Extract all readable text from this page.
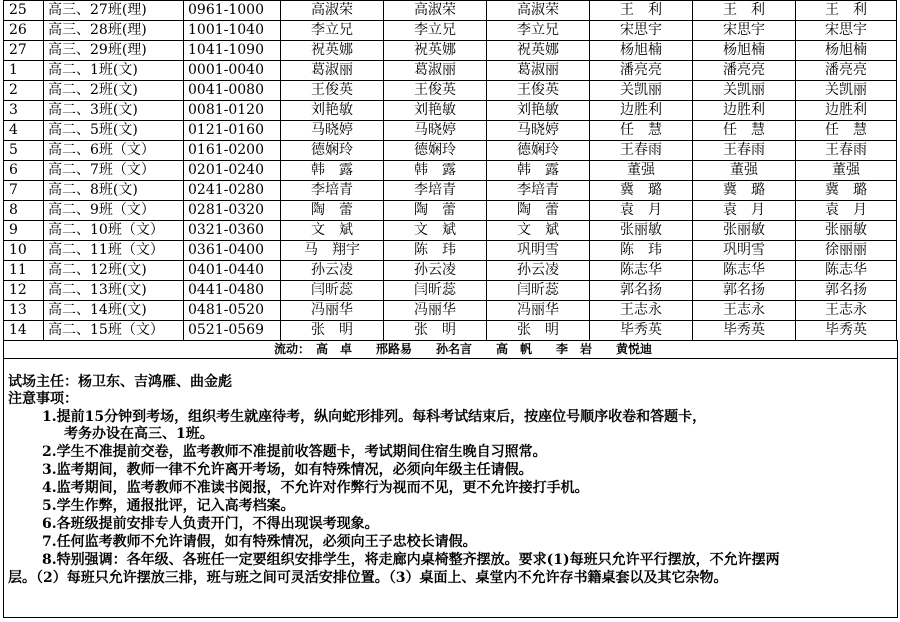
25	高三、27班(理)	0961-1000	高淑荣	高淑荣	高淑荣	王　利	王　利	王　利
26	高三、28班(理)	1001-1040	李立兄	李立兄	李立兄	宋思宇	宋思宇	宋思宇
27	高三、29班(理)	1041-1090	祝英娜	祝英娜	祝英娜	杨旭楠	杨旭楠	杨旭楠
1	高二、1班(文)	0001-0040	葛淑丽	葛淑丽	葛淑丽	潘亮亮	潘亮亮	潘亮亮
2	高二、2班(文)	0041-0080	王俊英	王俊英	王俊英	关凯丽	关凯丽	关凯丽
3	高二、3班(文)	0081-0120	刘艳敏	刘艳敏	刘艳敏	边胜利	边胜利	边胜利
4	高二、5班(文)	0121-0160	马晓婷	马晓婷	马晓婷	任　慧	任　慧	任　慧
5	高二、6班（文）	0161-0200	德娴玲	德娴玲	德娴玲	王春雨	王春雨	王春雨
6	高二、7班（文）	0201-0240	韩　露	韩　露	韩　露	董强	董强	董强
7	高二、8班(文)	0241-0280	李培青	李培青	李培青	冀　璐	冀　璐	冀　璐
8	高二、9班（文）	0281-0320	陶　蕾	陶　蕾	陶　蕾	袁　月	袁　月	袁　月
9	高二、10班（文）	0321-0360	文　斌	文　斌	文　斌	张丽敏	张丽敏	张丽敏
10	高二、11班（文）	0361-0400	马　翔宇	陈　玮	巩明雪	陈　玮	巩明雪	徐丽丽
11	高二、12班(文)	0401-0440	孙云凌	孙云凌	孙云凌	陈志华	陈志华	陈志华
12	高二、13班(文)	0441-0480	闫昕蕊	闫昕蕊	闫昕蕊	郭名扬	郭名扬	郭名扬
13	高二、14班(文)	0481-0520	冯丽华	冯丽华	冯丽华	王志永	王志永	王志永
14	高二、15班（文）	0521-0569	张　明	张　明	张　明	毕秀英	毕秀英	毕秀英
流动：　高　卓　　邢路易　　孙名言　　高　帆　　李　岩　　黄悦迪
试场主任：杨卫东、吉鸿雁、曲金彪
注意事项：
1.提前15分钟到考场，组织考生就座待考，纵向蛇形排列。每科考试结束后，按座位号顺序收卷和答题卡，
考务办设在高三、1班。
2.学生不准提前交卷，监考教师不准提前收答题卡，考试期间住宿生晚自习照常。
3.监考期间，教师一律不允许离开考场，如有特殊情况，必须向年级主任请假。
4.监考期间，监考教师不准读书阅报，不允许对作弊行为视而不见，更不允许接打手机。
5.学生作弊，通报批评，记入高考档案。
6.各班级提前安排专人负责开门，不得出现误考现象。
7.任何监考教师不允许请假，如有特殊情况，必须向王子忠校长请假。
8.特别强调：各年级、各班任一定要组织安排学生，将走廊内桌椅整齐摆放。要求(1)每班只允许平行摆放，不允许摆两
层。（2）每班只允许摆放三排，班与班之间可灵活安排位置。（3）桌面上、桌堂内不允许存书籍桌套以及其它杂物。
